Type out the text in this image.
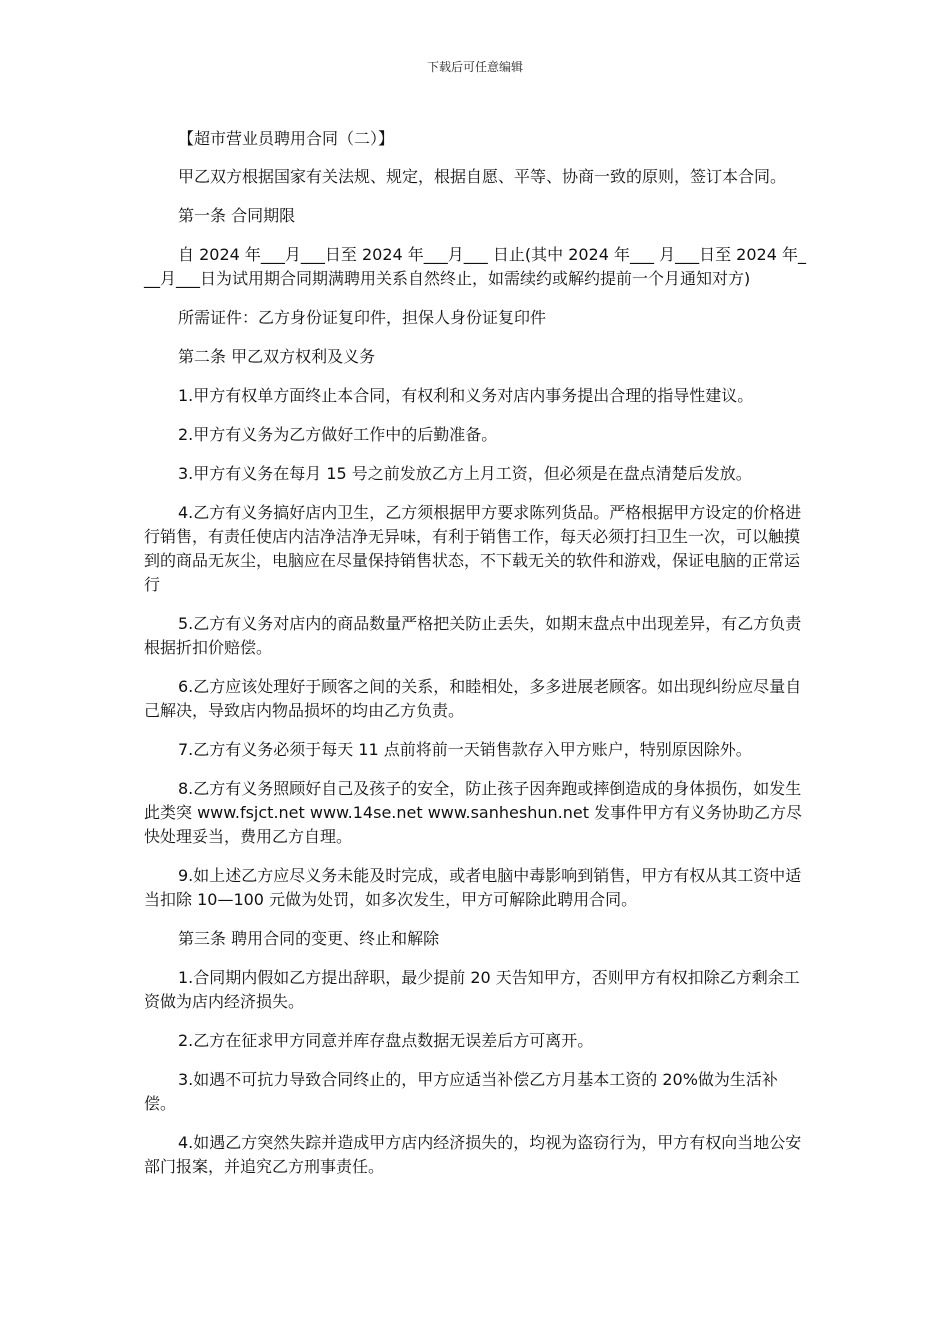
下载后可任意编辑

【超市营业员聘用合同（二）】

甲乙双方根据国家有关法规、规定，根据自愿、平等、协商一致的原则，签订本合同。

第一条 合同期限

自 2024 年___月___日至 2024 年___月___ 日止(其中 2024 年___ 月___日至 2024 年___月___日为试用期合同期满聘用关系自然终止，如需续约或解约提前一个月通知对方)

所需证件：乙方身份证复印件，担保人身份证复印件

第二条 甲乙双方权利及义务

1.甲方有权单方面终止本合同，有权利和义务对店内事务提出合理的指导性建议。

2.甲方有义务为乙方做好工作中的后勤准备。

3.甲方有义务在每月 15 号之前发放乙方上月工资，但必须是在盘点清楚后发放。

4.乙方有义务搞好店内卫生，乙方须根据甲方要求陈列货品。严格根据甲方设定的价格进行销售，有责任使店内洁净洁净无异味，有利于销售工作，每天必须打扫卫生一次，可以触摸到的商品无灰尘，电脑应在尽量保持销售状态，不下载无关的软件和游戏，保证电脑的正常运行

5.乙方有义务对店内的商品数量严格把关防止丢失，如期末盘点中出现差异，有乙方负责根据折扣价赔偿。

6.乙方应该处理好于顾客之间的关系，和睦相处，多多进展老顾客。如出现纠纷应尽量自己解决，导致店内物品损坏的均由乙方负责。

7.乙方有义务必须于每天 11 点前将前一天销售款存入甲方账户，特别原因除外。

8.乙方有义务照顾好自己及孩子的安全，防止孩子因奔跑或摔倒造成的身体损伤，如发生此类突 www.fsjct.net www.14se.net www.sanheshun.net 发事件甲方有义务协助乙方尽快处理妥当，费用乙方自理。

9.如上述乙方应尽义务未能及时完成，或者电脑中毒影响到销售，甲方有权从其工资中适当扣除 10—100 元做为处罚，如多次发生，甲方可解除此聘用合同。

第三条 聘用合同的变更、终止和解除

1.合同期内假如乙方提出辞职，最少提前 20 天告知甲方，否则甲方有权扣除乙方剩余工资做为店内经济损失。

2.乙方在征求甲方同意并库存盘点数据无误差后方可离开。

3.如遇不可抗力导致合同终止的，甲方应适当补偿乙方月基本工资的 20%做为生活补偿。

4.如遇乙方突然失踪并造成甲方店内经济损失的，均视为盗窃行为，甲方有权向当地公安部门报案，并追究乙方刑事责任。
